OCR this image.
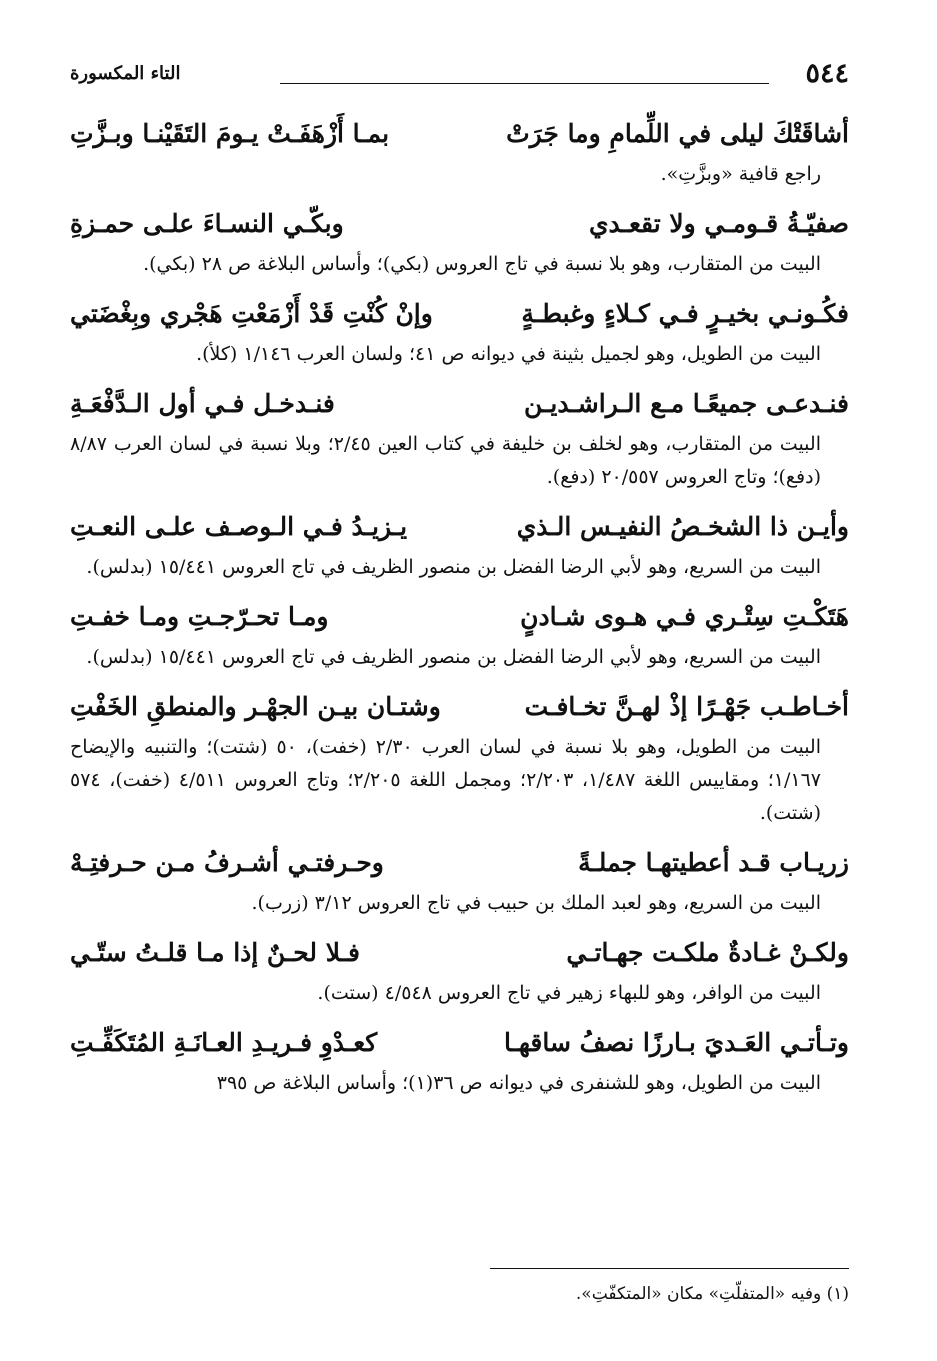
٥٤٤
التاء المكسورة
أشاقَتْكَ ليلى في اللِّمامِ وما جَرَتْ
بمـا أَزْهَفَـتْ يـومَ التَقَيْنـا وبـزَّتِ
راجع قافية «وبزَّتِ».
صفيّـةُ قـومـي ولا تقعـدي
وبكّـي النسـاءَ علـى حمـزةِ
البيت من المتقارب، وهو بلا نسبة في تاج العروس (بكي)؛ وأساس البلاغة ص ٢٨ (بكي).
فكُـونـي بخيـرٍ فـي كـلاءٍ وغبطـةٍ
وإنْ كُنْتِ قَدْ أَزْمَعْتِ هَجْري وبِغْضَتي
البيت من الطويل، وهو لجميل بثينة في ديوانه ص ٤١؛ ولسان العرب ١/١٤٦ (كلأ).
فنـدعـى جميعًـا مـع الـراشـديـن
فنـدخـل فـي أول الـدَّفْعَـةِ
البيت من المتقارب، وهو لخلف بن خليفة في كتاب العين ٢/٤٥؛ وبلا نسبة في لسان العرب ٨/٨٧ (دفع)؛ وتاج العروس ٢٠/٥٥٧ (دفع).
وأيـن ذا الشخـصُ النفيـس الـذي
يـزيـدُ فـي الـوصـف علـى النعـتِ
البيت من السريع، وهو لأبي الرضا الفضل بن منصور الظريف في تاج العروس ١٥/٤٤١ (بدلس).
هَتَكْـتِ سِتْـري فـي هـوى شـادنٍ
ومـا تحـرّجـتِ ومـا خفـتِ
البيت من السريع، وهو لأبي الرضا الفضل بن منصور الظريف في تاج العروس ١٥/٤٤١ (بدلس).
أخـاطـب جَهْـرًا إذْ لهـنَّ تخـافـت
وشتـان بيـن الجهْـر والمنطقِ الخَفْتِ
البيت من الطويل، وهو بلا نسبة في لسان العرب ٢/٣٠ (خفت)، ٥٠ (شتت)؛ والتنبيه والإيضاح ١/١٦٧؛ ومقاييس اللغة ١/٤٨٧، ٢/٢٠٣؛ ومجمل اللغة ٢/٢٠٥؛ وتاج العروس ٤/٥١١ (خفت)، ٥٧٤ (شتت).
زريـاب قـد أعطيتهـا جملـةً
وحـرفتـي أشـرفُ مـن حـرفتِـهْ
البيت من السريع، وهو لعبد الملك بن حبيب في تاج العروس ٣/١٢ (زرب).
ولكـنْ غـادةٌ ملكـت جهـاتـي
فـلا لحـنٌ إذا مـا قلـتُ ستّـي
البيت من الوافر، وهو للبهاء زهير في تاج العروس ٤/٥٤٨ (ستت).
وتـأتـي العَـديَ بـارزًا نصفُ ساقهـا
كعـدْوِ فـريـدِ العـانَـةِ المُتَكَفِّـتِ
البيت من الطويل، وهو للشنفرى في ديوانه ص ٣٦(١)؛ وأساس البلاغة ص ٣٩٥
(١) وفيه «المتفلّتِ» مكان «المتكفّتِ».
